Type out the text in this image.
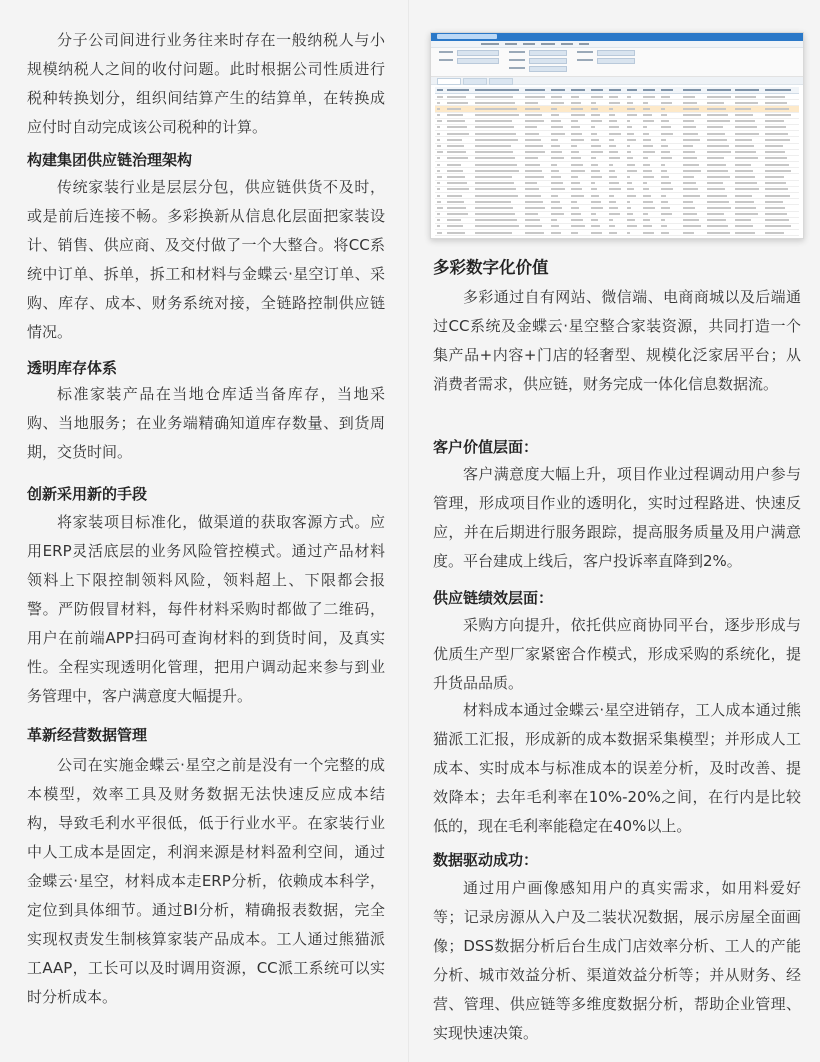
分子公司间进行业务往来时存在一般纳税人与小规模纳税人之间的收付问题。此时根据公司性质进行税种转换划分，组织间结算产生的结算单，在转换成应付时自动完成该公司税种的计算。

构建集团供应链治理架构

传统家装行业是层层分包，供应链供货不及时，或是前后连接不畅。多彩换新从信息化层面把家装设计、销售、供应商、及交付做了一个大整合。将CC系统中订单、拆单，拆工和材料与金蝶云·星空订单、采购、库存、成本、财务系统对接，全链路控制供应链情况。

透明库存体系

标准家装产品在当地仓库适当备库存，当地采购、当地服务；在业务端精确知道库存数量、到货周期，交货时间。

创新采用新的手段

将家装项目标准化，做渠道的获取客源方式。应用ERP灵活底层的业务风险管控模式。通过产品材料领料上下限控制领料风险，领料超上、下限都会报警。严防假冒材料，每件材料采购时都做了二维码，用户在前端APP扫码可查询材料的到货时间，及真实性。全程实现透明化管理，把用户调动起来参与到业务管理中，客户满意度大幅提升。

革新经营数据管理

公司在实施金蝶云·星空之前是没有一个完整的成本模型，效率工具及财务数据无法快速反应成本结构，导致毛利水平很低，低于行业水平。在家装行业中人工成本是固定，利润来源是材料盈利空间，通过金蝶云·星空，材料成本走ERP分析，依赖成本科学，定位到具体细节。通过BI分析，精确报表数据，完全实现权责发生制核算家装产品成本。工人通过熊猫派工AAP，工长可以及时调用资源，CC派工系统可以实时分析成本。

多彩数字化价值

多彩通过自有网站、微信端、电商商城以及后端通过CC系统及金蝶云·星空整合家装资源，共同打造一个集产品+内容+门店的轻奢型、规模化泛家居平台；从消费者需求，供应链，财务完成一体化信息数据流。

客户价值层面：

客户满意度大幅上升，项目作业过程调动用户参与管理，形成项目作业的透明化，实时过程路进、快速反应，并在后期进行服务跟踪，提高服务质量及用户满意度。平台建成上线后，客户投诉率直降到2%。

供应链绩效层面：

采购方向提升，依托供应商协同平台，逐步形成与优质生产型厂家紧密合作模式，形成采购的系统化，提升货品品质。

材料成本通过金蝶云·星空进销存，工人成本通过熊猫派工汇报，形成新的成本数据采集模型；并形成人工成本、实时成本与标准成本的误差分析，及时改善、提效降本；去年毛利率在10%-20%之间，在行内是比较低的，现在毛利率能稳定在40%以上。

数据驱动成功：

通过用户画像感知用户的真实需求，如用料爱好等；记录房源从入户及二装状况数据，展示房屋全面画像；DSS数据分析后台生成门店效率分析、工人的产能分析、城市效益分析、渠道效益分析等；并从财务、经营、管理、供应链等多维度数据分析，帮助企业管理、实现快速决策。
